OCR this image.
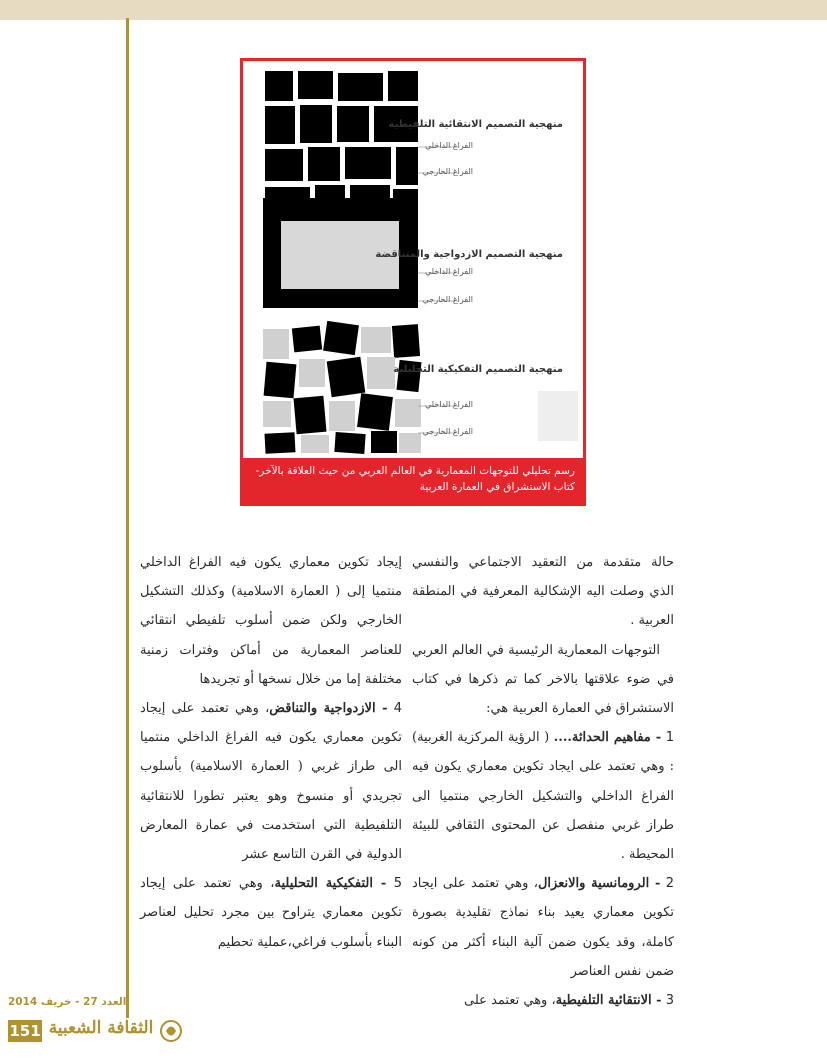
منهجية التصميم الانتقائية التلفيطية
الفراغ الداخلي
الفراغ الخارجي
منهجية التصميم الازدواجية والمتناقضة
الفراغ الداخلي
الفراغ الخارجي
منهجية التصميم التفكيكية التحليلية
الفراغ الداخلي
الفراغ الخارجي
رسم تحليلي للتوجهات المعمارية في العالم العربي من حيث العلاقة بالآخر-
كتاب الاستشراق في العمارة العربية

حالة متقدمة من التعقيد الاجتماعي والنفسي الذي وصلت اليه الإشكالية المعرفية في المنطقة العربية .

التوجهات المعمارية الرئيسية في العالم العربي في ضوء علاقتها بالاخر كما تم ذكرها في كتاب الاستشراق في العمارة العربية هي:

1 - مفاهيم الحداثة.... ( الرؤية المركزية الغربية) : وهي تعتمد على ايجاد تكوين معماري يكون فيه الفراغ الداخلي والتشكيل الخارجي منتميا الى طراز غربي منفصل عن المحتوى الثقافي للبيئة المحيطة .

2 - الرومانسية والانعزال، وهي تعتمد على ايجاد تكوين معماري يعيد بناء نماذج تقليدية بصورة كاملة، وقد يكون ضمن آلية البناء أكثر من كونه ضمن نفس العناصر

3 - الانتقائية التلفيطية، وهي تعتمد على

إيجاد تكوين معماري يكون فيه الفراغ الداخلي منتميا إلى ( العمارة الاسلامية) وكذلك التشكيل الخارجي ولكن ضمن أسلوب تلفيطي انتقائي للعناصر المعمارية من أماكن وفترات زمنية مختلفة إما من خلال نسخها أو تجريدها

4 - الازدواجية والتناقض، وهي تعتمد على إيجاد تكوين معماري يكون فيه الفراغ الداخلي منتميا الى طراز غربي ( العمارة الاسلامية) بأسلوب تجريدي أو منسوخ وهو يعتبر تطورا للانتقائية التلفيطية التي استخدمت في عمارة المعارض الدولية في القرن التاسع عشر

5 - التفكيكية التحليلية، وهي تعتمد على إيجاد تكوين معماري يتراوح بين مجرد تحليل لعناصر البناء بأسلوب فراغي،عملية تحطيم

العدد 27 - خريف 2014
151 الثقافة الشعبية
